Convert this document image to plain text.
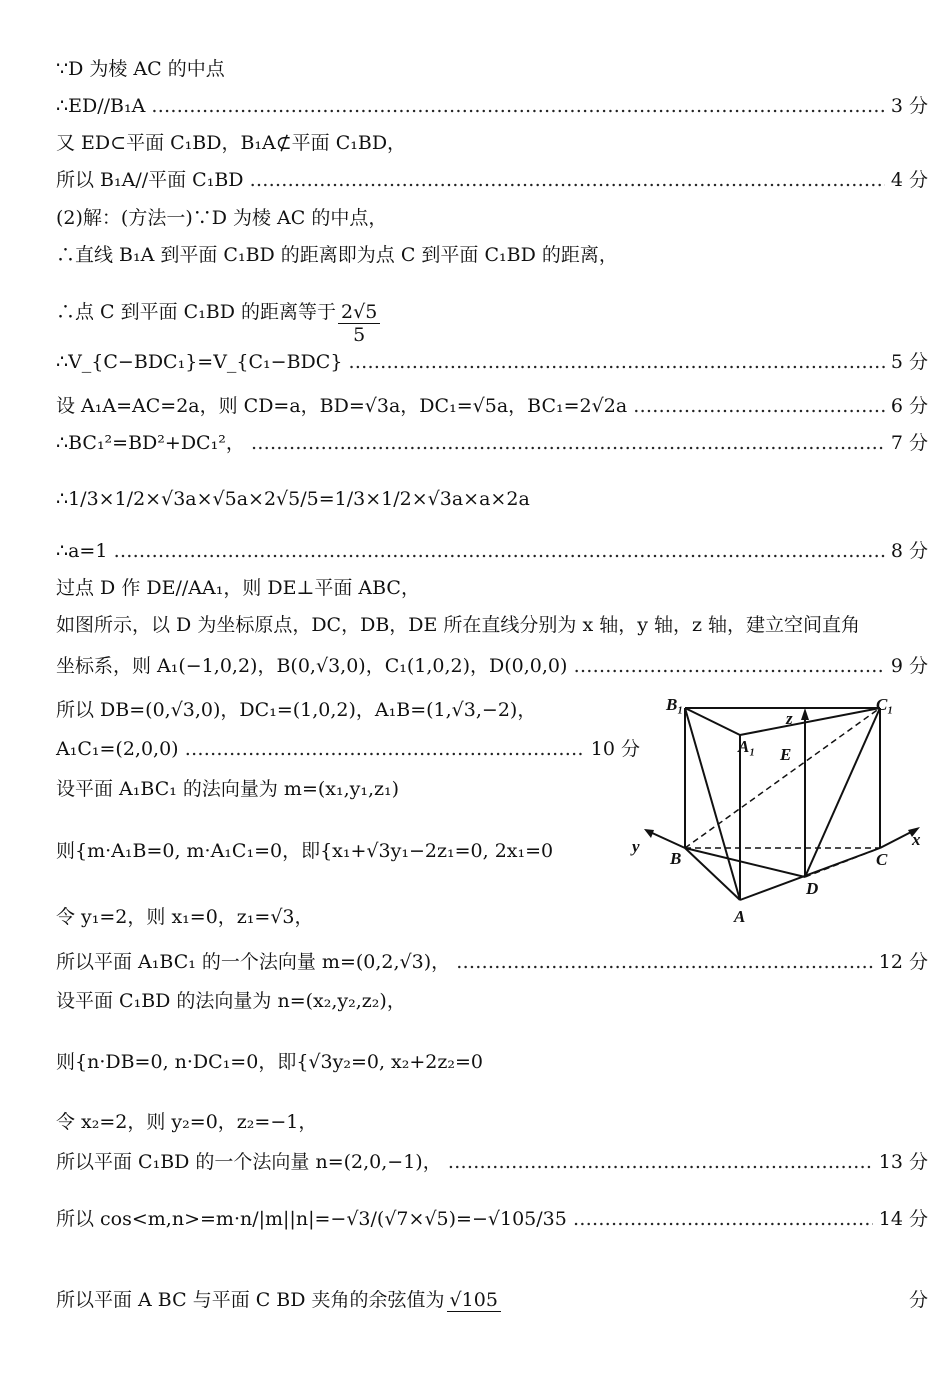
∵D 为棱 AC 的中点
∴ED//B₁A ………………………………………………………………………………………………………………………………………………………………………………	3 分
又 ED⊂平面 C₁BD，B₁A⊄平面 C₁BD，
所以 B₁A//平面 C₁BD ………………………………………………………………………………………………………………………………………………………………………………	4 分
(2)解：(方法一)∵D 为棱 AC 的中点，
∴直线 B₁A 到平面 C₁BD 的距离即为点 C 到平面 C₁BD 的距离，
∴点 C 到平面 C₁BD 的距离等于 $\frac{2√5}{5}$
∴V_{C−BDC₁}=V_{C₁−BDC} ………………………………………………………………………………………………………………………………………………………………………………	5 分
设 A₁A=AC=2a，则 CD=a，BD=√3a，DC₁=√5a，BC₁=2√2a ………………………………………………………………………………………………………………………………………………………………………………	6 分
∴BC₁²=BD²+DC₁²， ………………………………………………………………………………………………………………………………………………………………………………	7 分
∴1/3×1/2×√3a×√5a×2√5/5=1/3×1/2×√3a×a×2a
∴a=1 ………………………………………………………………………………………………………………………………………………………………………………	8 分
过点 D 作 DE//AA₁，则 DE⊥平面 ABC，
如图所示，以 D 为坐标原点，DC，DB，DE 所在直线分别为 x 轴，y 轴，z 轴，建立空间直角
坐标系，则 A₁(−1,0,2)，B(0,√3,0)，C₁(1,0,2)，D(0,0,0) ………………………………………………………………………………………………………………………………………………………………………………	9 分
所以 DB=(0,√3,0)，DC₁=(1,0,2)，A₁B=(1,√3,−2)，
A₁C₁=(2,0,0) ………………………………………………………………………………………………………………………………………………………………………………	10 分
设平面 A₁BC₁ 的法向量为 m=(x₁,y₁,z₁)
则{m·A₁B=0, m·A₁C₁=0，即{x₁+√3y₁−2z₁=0, 2x₁=0
令 y₁=2，则 x₁=0，z₁=√3，
所以平面 A₁BC₁ 的一个法向量 m=(0,2,√3)， ………………………………………………………………………………………………………………………………………………………………………………	12 分
设平面 C₁BD 的法向量为 n=(x₂,y₂,z₂)，
则{n·DB=0, n·DC₁=0，即{√3y₂=0, x₂+2z₂=0
令 x₂=2，则 y₂=0，z₂=−1，
所以平面 C₁BD 的一个法向量 n=(2,0,−1)， ………………………………………………………………………………………………………………………………………………………………………………	13 分
所以 cos<m,n>=m·n/|m||n|=−√3/(√7×√5)=−√105/35 ………………………………………………………………………………………………………………………………………………………………………………	14 分
所以平面 A BC 与平面 C BD 夹角的余弦值为 √105
	分
B₁	C₁
z
A₁ E
y
B	C
x
D
A
